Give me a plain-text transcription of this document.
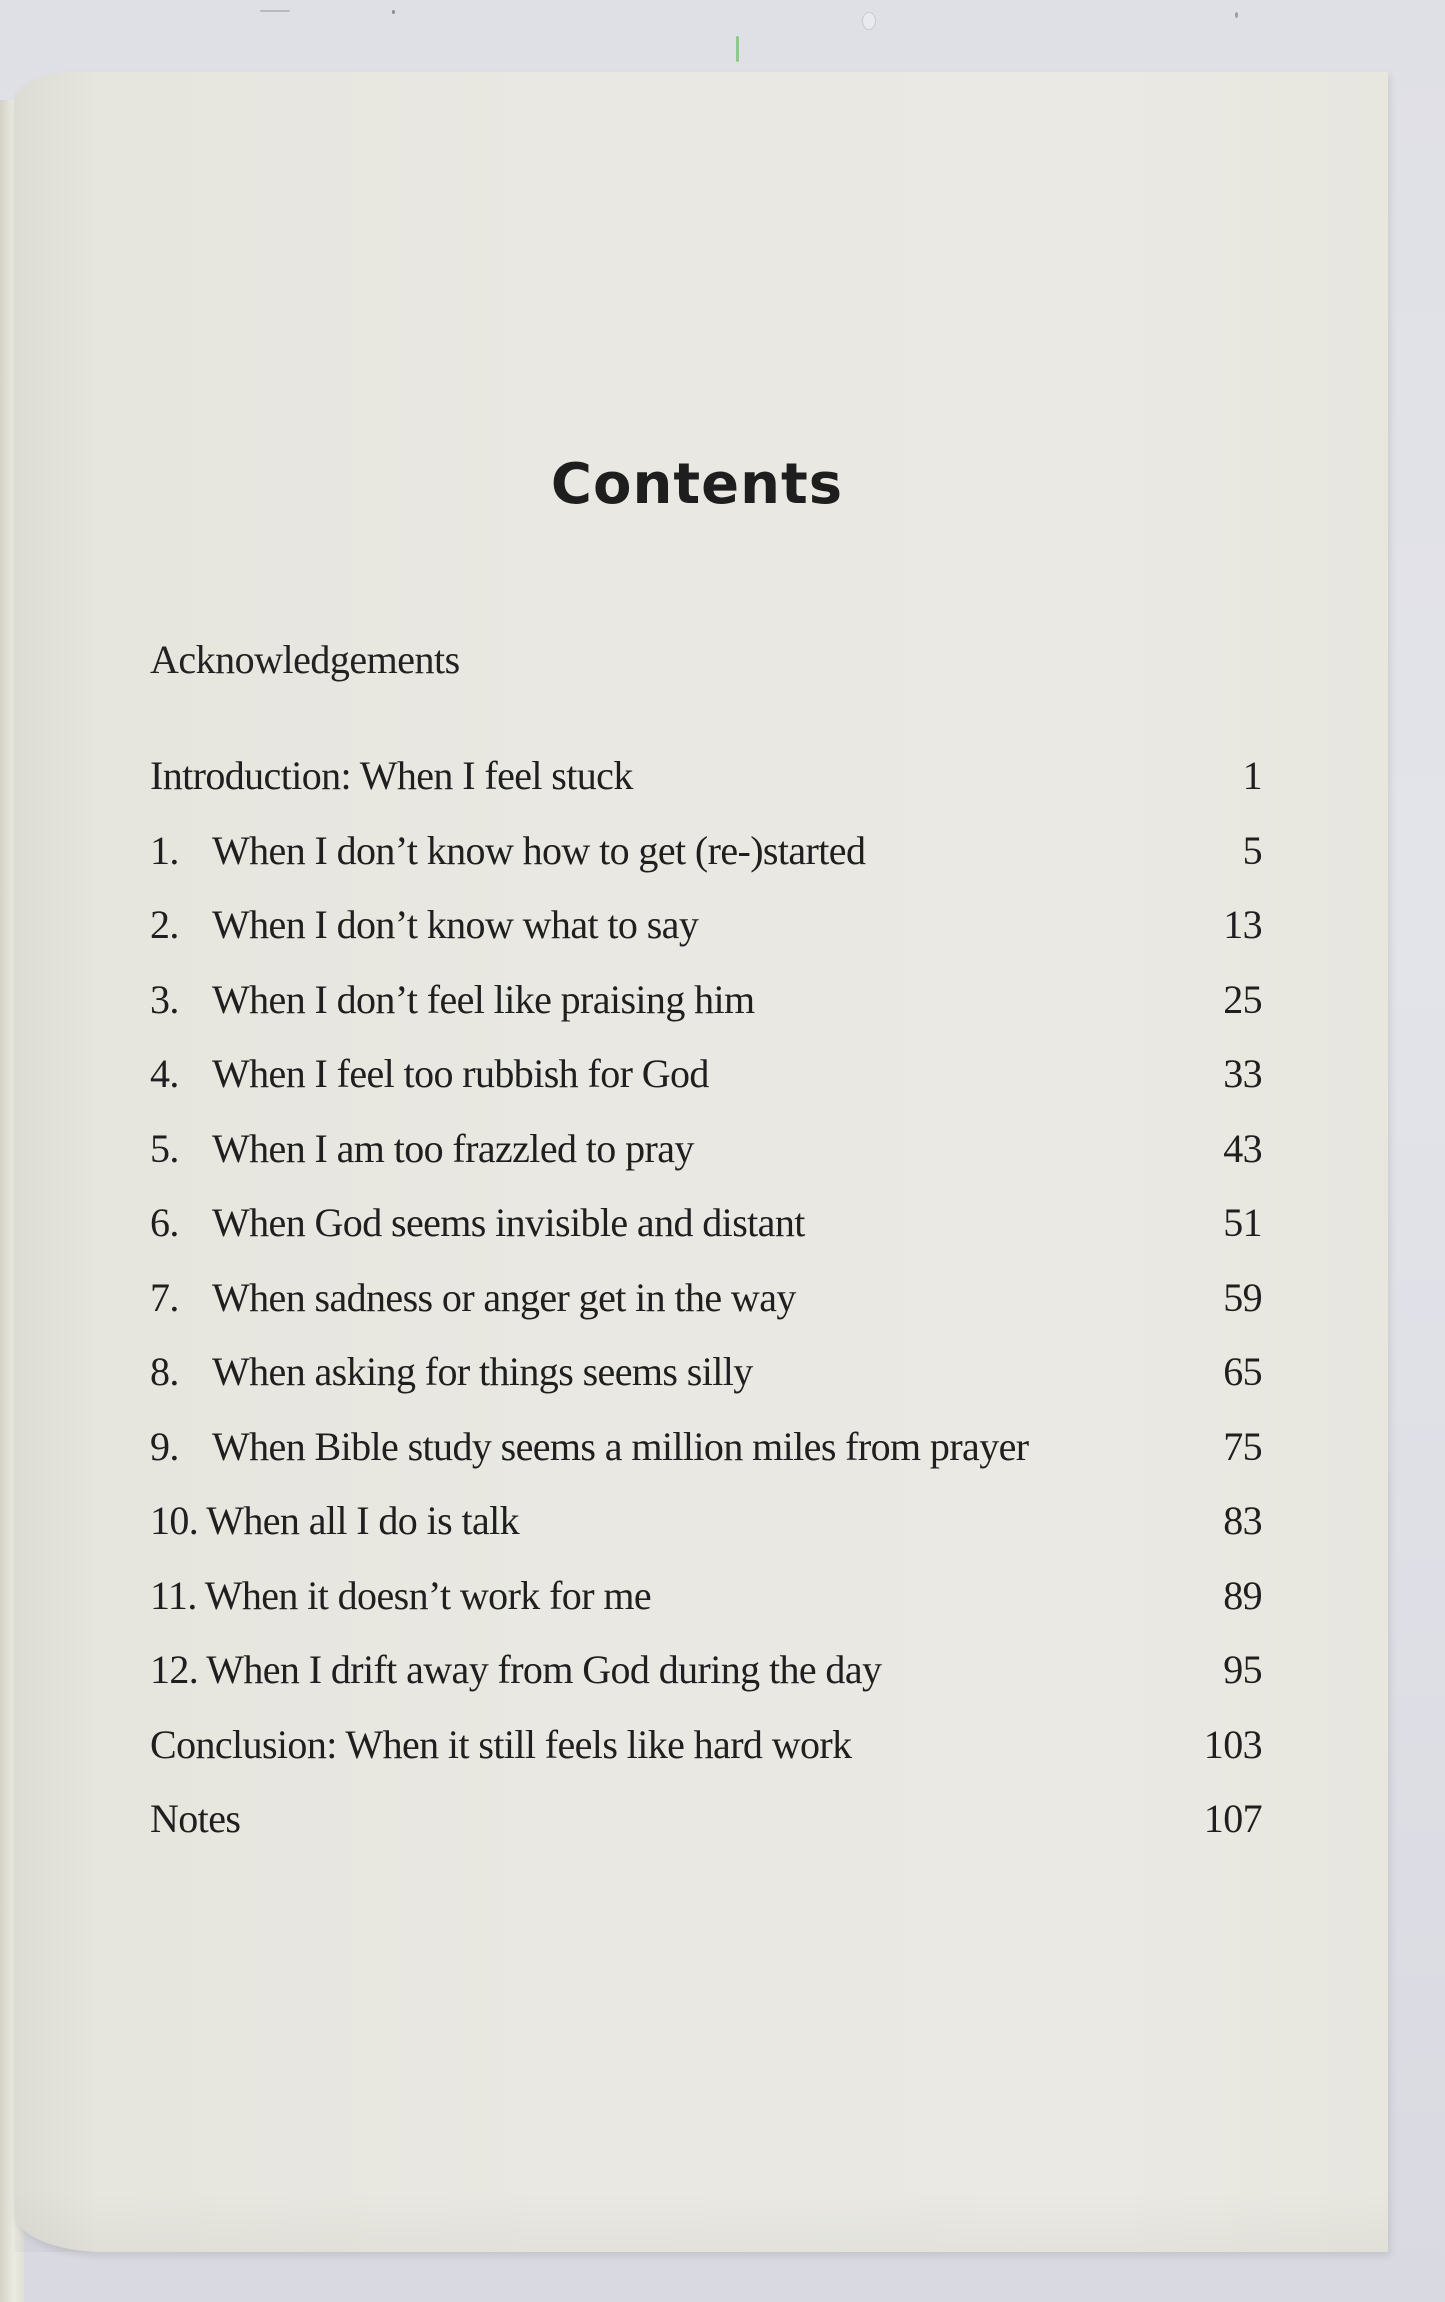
Contents
Acknowledgements
Introduction: When I feel stuck	1
1. When I don’t know how to get (re-)started	5
2. When I don’t know what to say	13
3. When I don’t feel like praising him	25
4. When I feel too rubbish for God	33
5. When I am too frazzled to pray	43
6. When God seems invisible and distant	51
7. When sadness or anger get in the way	59
8. When asking for things seems silly	65
9. When Bible study seems a million miles from prayer	75
10. When all I do is talk	83
11. When it doesn’t work for me	89
12. When I drift away from God during the day	95
Conclusion: When it still feels like hard work	103
Notes	107
